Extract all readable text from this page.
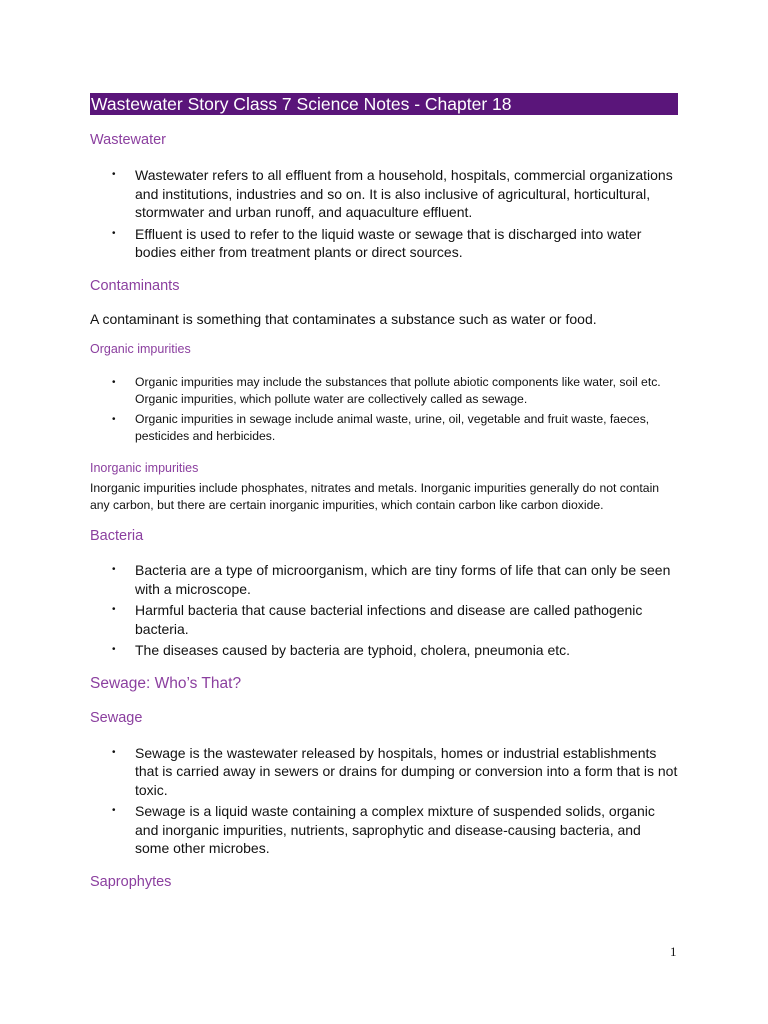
Wastewater Story Class 7 Science Notes - Chapter 18
Wastewater
• Wastewater refers to all effluent from a household, hospitals, commercial organizations and institutions, industries and so on. It is also inclusive of agricultural, horticultural, stormwater and urban runoff, and aquaculture effluent.
• Effluent is used to refer to the liquid waste or sewage that is discharged into water bodies either from treatment plants or direct sources.
Contaminants

A contaminant is something that contaminates a substance such as water or food.

Organic impurities
• Organic impurities may include the substances that pollute abiotic components like water, soil etc. Organic impurities, which pollute water are collectively called as sewage.
• Organic impurities in sewage include animal waste, urine, oil, vegetable and fruit waste, faeces, pesticides and herbicides.
Inorganic impurities

Inorganic impurities include phosphates, nitrates and metals. Inorganic impurities generally do not contain any carbon, but there are certain inorganic impurities, which contain carbon like carbon dioxide.

Bacteria
• Bacteria are a type of microorganism, which are tiny forms of life that can only be seen with a microscope.
• Harmful bacteria that cause bacterial infections and disease are called pathogenic bacteria.
• The diseases caused by bacteria are typhoid, cholera, pneumonia etc.
Sewage: Who’s That?
Sewage
• Sewage is the wastewater released by hospitals, homes or industrial establishments that is carried away in sewers or drains for dumping or conversion into a form that is not toxic.
• Sewage is a liquid waste containing a complex mixture of suspended solids, organic and inorganic impurities, nutrients, saprophytic and disease-causing bacteria, and some other microbes.
Saprophytes
1
